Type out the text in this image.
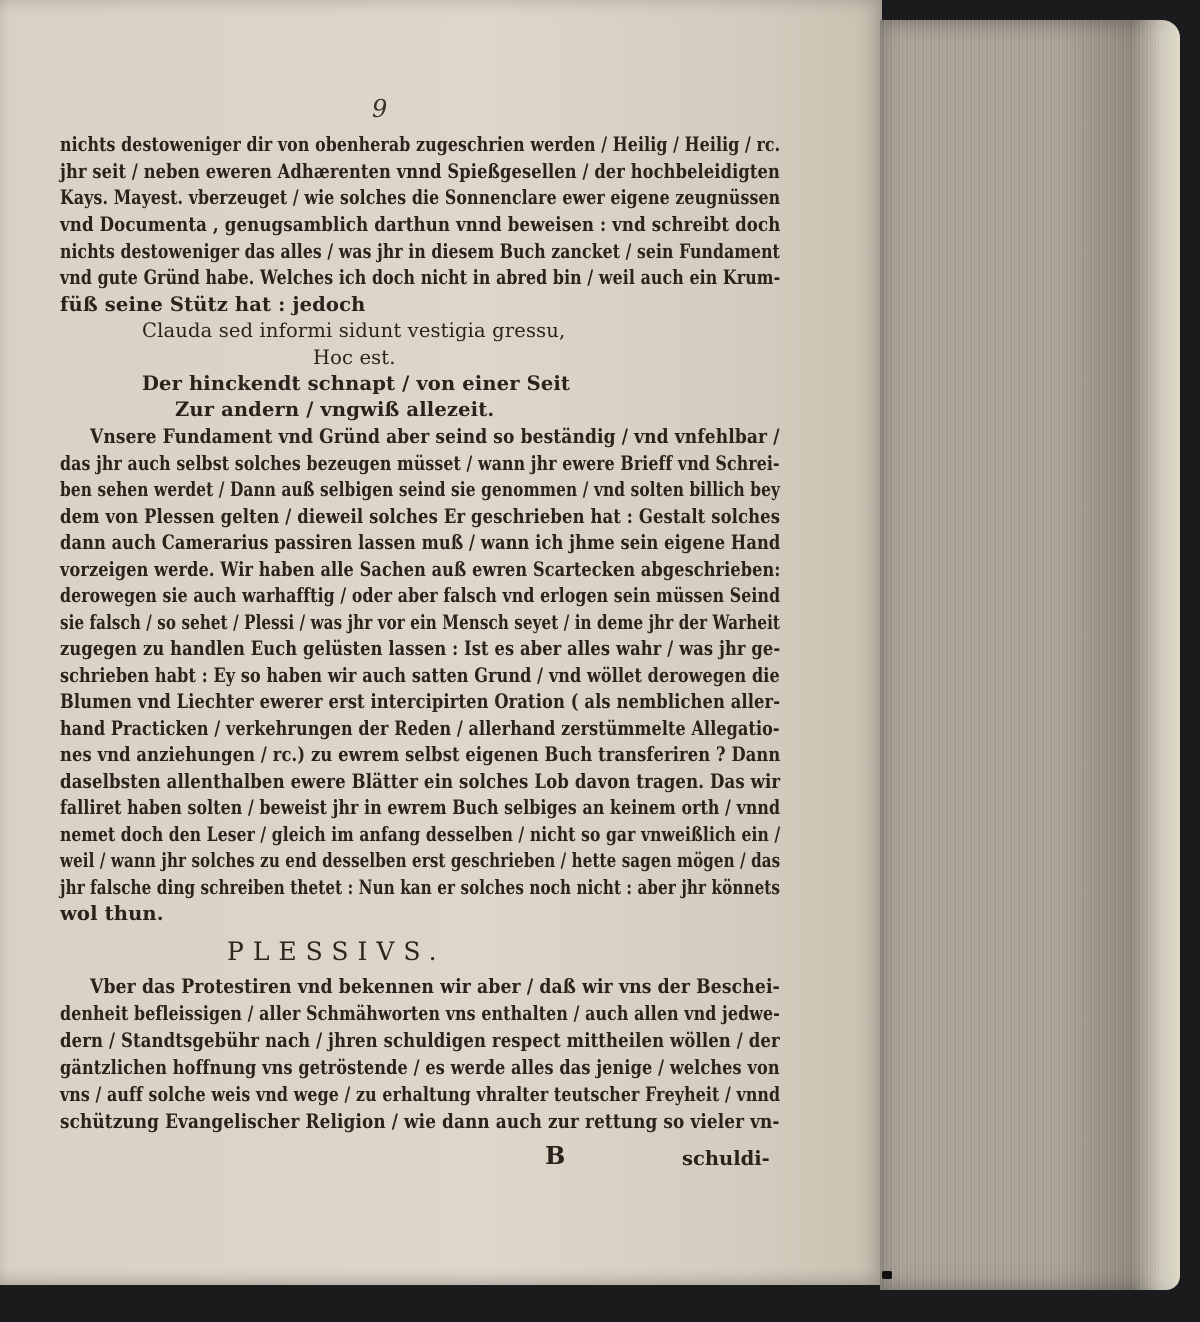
9
nichts destoweniger dir von obenherab zugeschrien werden / Heilig / Heilig / rc.
jhr seit / neben eweren Adhærenten vnnd Spießgesellen / der hochbeleidigten
Kays. Mayest. vberzeuget / wie solches die Sonnenclare ewer eigene zeugnüssen
vnd Documenta , genugsamblich darthun vnnd beweisen : vnd schreibt doch
nichts destoweniger das alles / was jhr in diesem Buch zancket / sein Fundament
vnd gute Gründ habe. Welches ich doch nicht in abred bin / weil auch ein Krum-
füß seine Stütz hat : jedoch
Clauda sed informi sidunt vestigia gressu,
Hoc est.
Der hinckendt schnapt / von einer Seit
Zur andern / vngwiß allezeit.
Vnsere Fundament vnd Gründ aber seind so beständig / vnd vnfehlbar /
das jhr auch selbst solches bezeugen müsset / wann jhr ewere Brieff vnd Schrei-
ben sehen werdet / Dann auß selbigen seind sie genommen / vnd solten billich bey
dem von Plessen gelten / dieweil solches Er geschrieben hat : Gestalt solches
dann auch Camerarius passiren lassen muß / wann ich jhme sein eigene Hand
vorzeigen werde. Wir haben alle Sachen auß ewren Scartecken abgeschrieben:
derowegen sie auch warhafftig / oder aber falsch vnd erlogen sein müssen Seind
sie falsch / so sehet / Plessi / was jhr vor ein Mensch seyet / in deme jhr der Warheit
zugegen zu handlen Euch gelüsten lassen : Ist es aber alles wahr / was jhr ge-
schrieben habt : Ey so haben wir auch satten Grund / vnd wöllet derowegen die
Blumen vnd Liechter ewerer erst intercipirten Oration ( als nemblichen aller-
hand Practicken / verkehrungen der Reden / allerhand zerstümmelte Allegatio-
nes vnd anziehungen / rc.) zu ewrem selbst eigenen Buch transferiren ? Dann
daselbsten allenthalben ewere Blätter ein solches Lob davon tragen. Das wir
falliret haben solten / beweist jhr in ewrem Buch selbiges an keinem orth / vnnd
nemet doch den Leser / gleich im anfang desselben / nicht so gar vnweißlich ein /
weil / wann jhr solches zu end desselben erst geschrieben / hette sagen mögen / das
jhr falsche ding schreiben thetet : Nun kan er solches noch nicht : aber jhr könnets
wol thun.
PLESSIVS.
Vber das Protestiren vnd bekennen wir aber / daß wir vns der Beschei-
denheit befleissigen / aller Schmähworten vns enthalten / auch allen vnd jedwe-
dern / Standtsgebühr nach / jhren schuldigen respect mittheilen wöllen / der
gäntzlichen hoffnung vns getröstende / es werde alles das jenige / welches von
vns / auff solche weis vnd wege / zu erhaltung vhralter teutscher Freyheit / vnnd
schützung Evangelischer Religion / wie dann auch zur rettung so vieler vn-
B	schuldi-
